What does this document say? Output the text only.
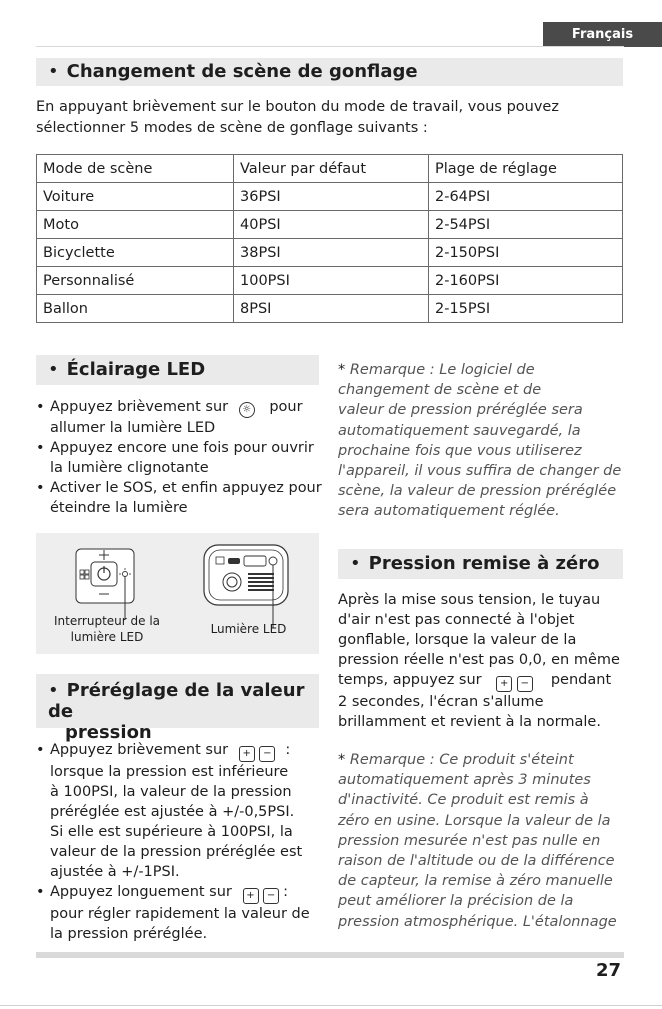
Français
• Changement de scène de gonflage
En appuyant brièvement sur le bouton du mode de travail, vous pouvez
sélectionner 5 modes de scène de gonflage suivants :
Mode de scène	Valeur par défaut	Plage de réglage
Voiture	36PSI	2-64PSI
Moto	40PSI	2-54PSI
Bicyclette	38PSI	2-150PSI
Personnalisé	100PSI	2-160PSI
Ballon	8PSI	2-15PSI
• Éclairage LED
• Appuyez brièvement sur ☼ pour
allumer la lumière LED
• Appuyez encore une fois pour ouvrir
la lumière clignotante
• Activer le SOS, et enfin appuyez pour
éteindre la lumière
Interrupteur de la
lumière LED
Lumière LED
• Préréglage de la valeur de
pression
• Appuyez brièvement sur + − :
lorsque la pression est inférieure
à 100PSI, la valeur de la pression
préréglée est ajustée à +/-0,5PSI.
Si elle est supérieure à 100PSI, la
valeur de la pression préréglée est
ajustée à +/-1PSI.
• Appuyez longuement sur + − :
pour régler rapidement la valeur de
la pression préréglée.
* Remarque : Le logiciel de
changement de scène et de
valeur de pression préréglée sera
automatiquement sauvegardé, la
prochaine fois que vous utiliserez
l'appareil, il vous suffira de changer de
scène, la valeur de pression préréglée
sera automatiquement réglée.
• Pression remise à zéro
Après la mise sous tension, le tuyau
d'air n'est pas connecté à l'objet
gonflable, lorsque la valeur de la
pression réelle n'est pas 0,0, en même
temps, appuyez sur + − pendant
2 secondes, l'écran s'allume
brillamment et revient à la normale.
* Remarque : Ce produit s'éteint
automatiquement après 3 minutes
d'inactivité. Ce produit est remis à
zéro en usine. Lorsque la valeur de la
pression mesurée n'est pas nulle en
raison de l'altitude ou de la différence
de capteur, la remise à zéro manuelle
peut améliorer la précision de la
pression atmosphérique. L'étalonnage
27
